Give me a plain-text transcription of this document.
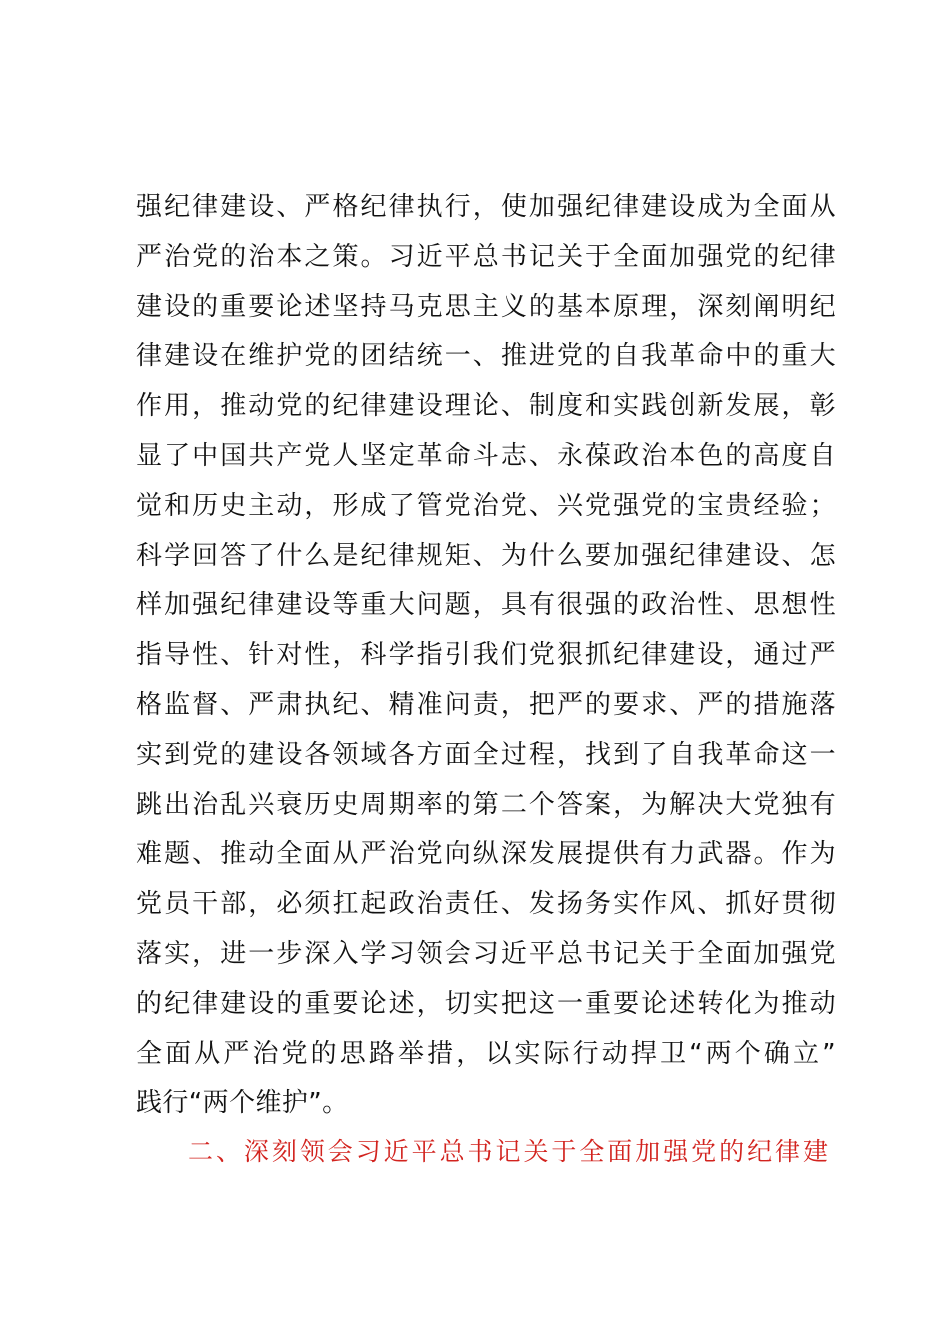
强纪律建设、严格纪律执行，使加强纪律建设成为全面从
严治党的治本之策。习近平总书记关于全面加强党的纪律
建设的重要论述坚持马克思主义的基本原理，深刻阐明纪
律建设在维护党的团结统一、推进党的自我革命中的重大
作用，推动党的纪律建设理论、制度和实践创新发展，彰
显了中国共产党人坚定革命斗志、永葆政治本色的高度自
觉和历史主动，形成了管党治党、兴党强党的宝贵经验；
科学回答了什么是纪律规矩、为什么要加强纪律建设、怎
样加强纪律建设等重大问题，具有很强的政治性、思想性
指导性、针对性，科学指引我们党狠抓纪律建设，通过严
格监督、严肃执纪、精准问责，把严的要求、严的措施落
实到党的建设各领域各方面全过程，找到了自我革命这一
跳出治乱兴衰历史周期率的第二个答案，为解决大党独有
难题、推动全面从严治党向纵深发展提供有力武器。作为
党员干部，必须扛起政治责任、发扬务实作风、抓好贯彻
落实，进一步深入学习领会习近平总书记关于全面加强党
的纪律建设的重要论述，切实把这一重要论述转化为推动
全面从严治党的思路举措，以实际行动捍卫“两个确立”
践行“两个维护”。

二、深刻领会习近平总书记关于全面加强党的纪律建
